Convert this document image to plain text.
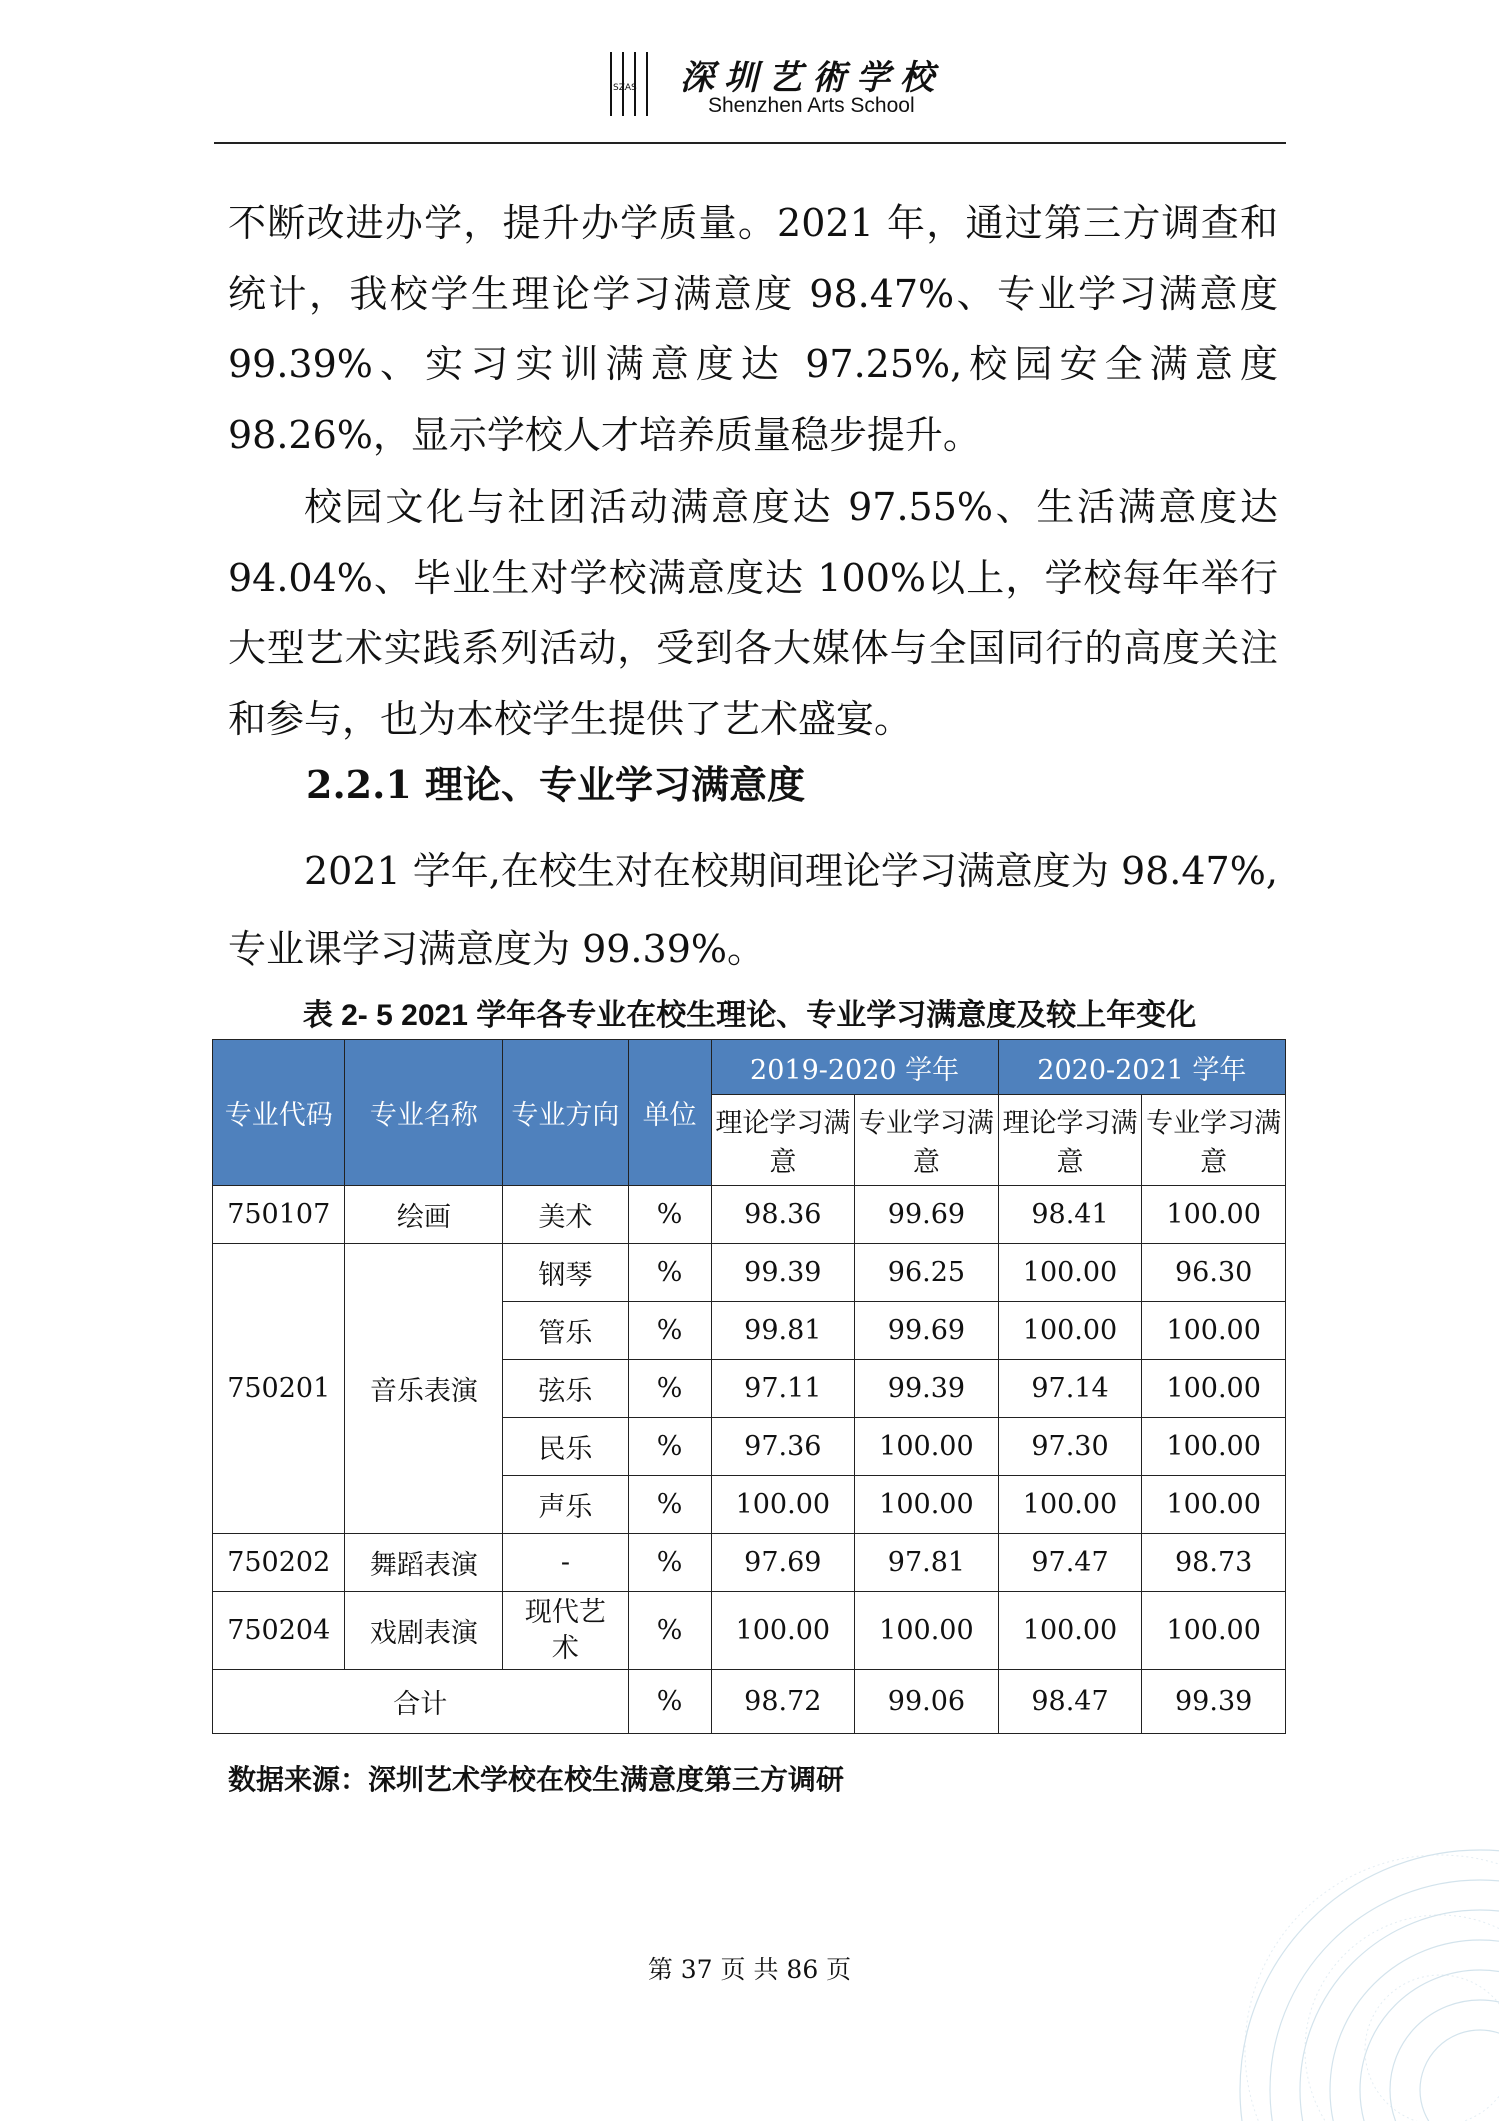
SZAS 深圳艺術学校
Shenzhen Arts School

不断改进办学，提升办学质量。2021 年，通过第三方调查和统计，我校学生理论学习满意度 98.47%、专业学习满意度 99.39%、实习实训满意度达 97.25%,校园安全满意度 98.26%，显示学校人才培养质量稳步提升。

校园文化与社团活动满意度达 97.55%、生活满意度达 94.04%、毕业生对学校满意度达 100%以上，学校每年举行大型艺术实践系列活动，受到各大媒体与全国同行的高度关注和参与，也为本校学生提供了艺术盛宴。

2.2.1 理论、专业学习满意度

2021 学年,在校生对在校期间理论学习满意度为 98.47%,

专业课学习满意度为 99.39%。

表 2- 5 2021 学年各专业在校生理论、专业学习满意度及较上年变化
专业代码	专业名称	专业方向	单位	2019-2020 学年		2020-2021 学年	
				理论学习满意	专业学习满意	理论学习满意	专业学习满意
750107	绘画	美术	%	98.36	99.69	98.41	100.00
750201	音乐表演	钢琴	%	99.39	96.25	100.00	96.30
		管乐	%	99.81	99.69	100.00	100.00
		弦乐	%	97.11	99.39	97.14	100.00
		民乐	%	97.36	100.00	97.30	100.00
		声乐	%	100.00	100.00	100.00	100.00
750202	舞蹈表演	-	%	97.69	97.81	97.47	98.73
750204	戏剧表演	现代艺术	%	100.00	100.00	100.00	100.00
合计			%	98.72	99.06	98.47	99.39
数据来源：深圳艺术学校在校生满意度第三方调研
第 37 页 共 86 页
